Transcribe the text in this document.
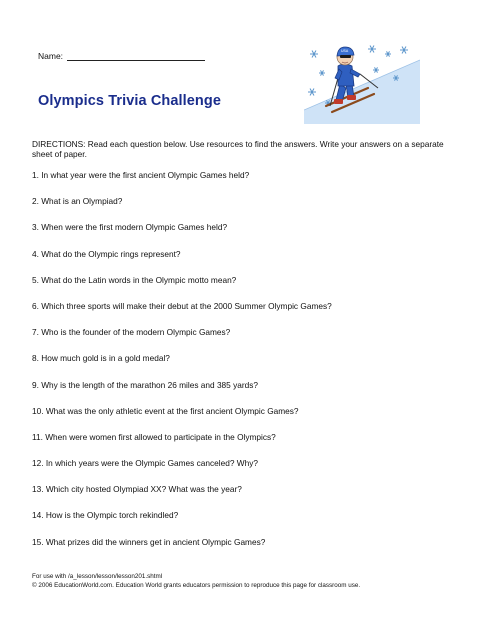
Name:
Olympics Trivia Challenge
USA

DIRECTIONS: Read each question below. Use resources to find the answers. Write your answers on a separate sheet of paper.

1. In what year were the first ancient Olympic Games held?
2. What is an Olympiad?
3. When were the first modern Olympic Games held?
4. What do the Olympic rings represent?
5. What do the Latin words in the Olympic motto mean?
6. Which three sports will make their debut at the 2000 Summer Olympic Games?
7. Who is the founder of the modern Olympic Games?
8. How much gold is in a gold medal?
9. Why is the length of the marathon 26 miles and 385 yards?
10. What was the only athletic event at the first ancient Olympic Games?
11. When were women first allowed to participate in the Olympics?
12. In which years were the Olympic Games canceled? Why?
13. Which city hosted Olympiad XX? What was the year?
14. How is the Olympic torch rekindled?
15. What prizes did the winners get in ancient Olympic Games?
For use with /a_lesson/lesson/lesson201.shtml
© 2006 EducationWorld.com. Education World grants educators permission to reproduce this page for classroom use.
